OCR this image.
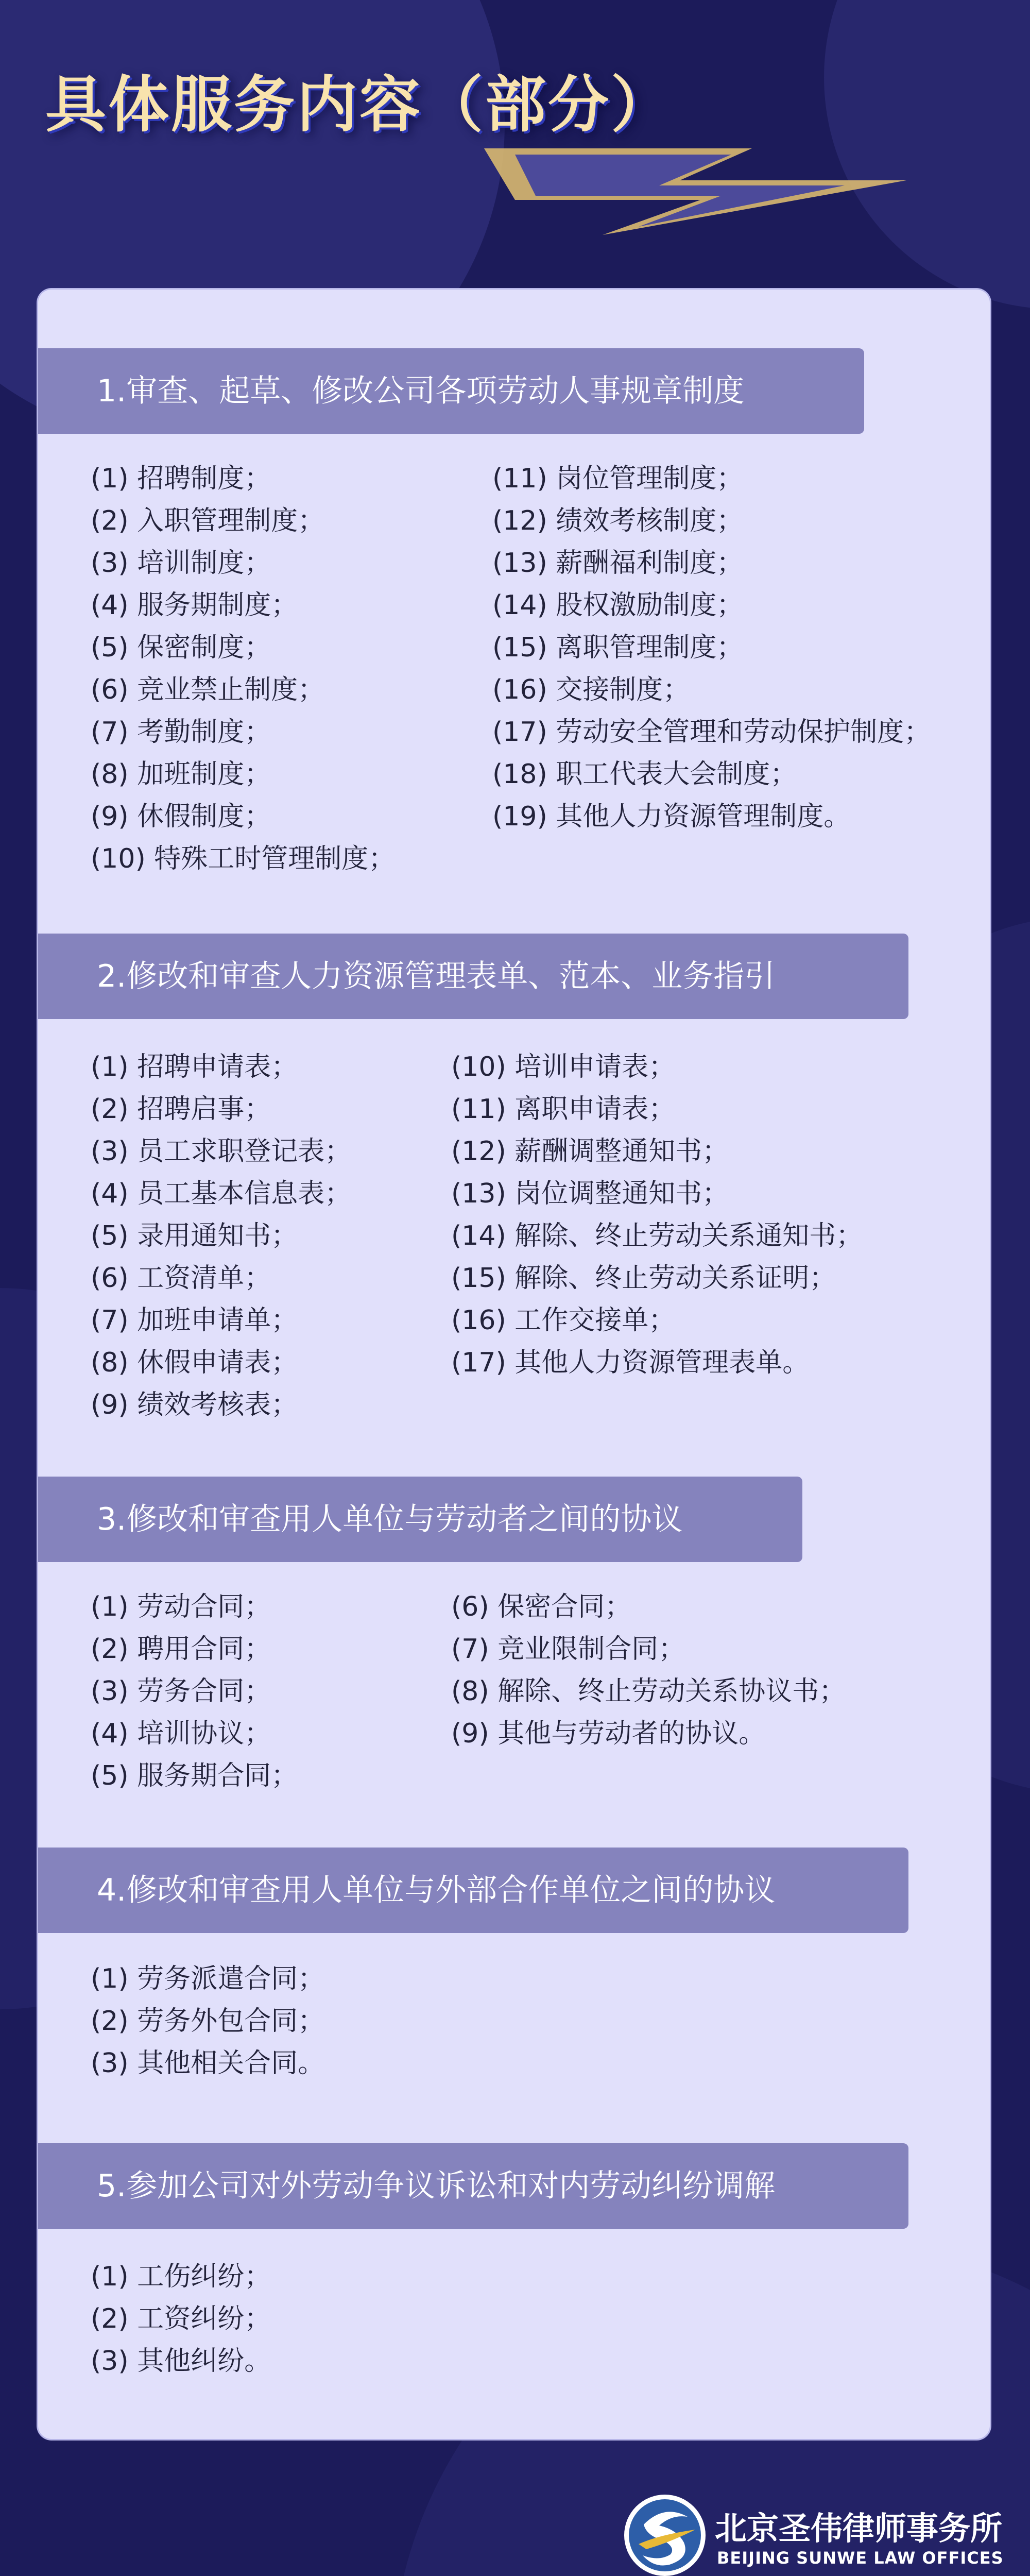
具体服务内容（部分）
1.审查、起草、修改公司各项劳动人事规章制度
(1) 招聘制度；
(2) 入职管理制度；
(3) 培训制度；
(4) 服务期制度；
(5) 保密制度；
(6) 竞业禁止制度；
(7) 考勤制度；
(8) 加班制度；
(9) 休假制度；
(10) 特殊工时管理制度；
(11) 岗位管理制度；
(12) 绩效考核制度；
(13) 薪酬福利制度；
(14) 股权激励制度；
(15) 离职管理制度；
(16) 交接制度；
(17) 劳动安全管理和劳动保护制度；
(18) 职工代表大会制度；
(19) 其他人力资源管理制度。
2.修改和审查人力资源管理表单、范本、业务指引
(1) 招聘申请表；
(2) 招聘启事；
(3) 员工求职登记表；
(4) 员工基本信息表；
(5) 录用通知书；
(6) 工资清单；
(7) 加班申请单；
(8) 休假申请表；
(9) 绩效考核表；
(10) 培训申请表；
(11) 离职申请表；
(12) 薪酬调整通知书；
(13) 岗位调整通知书；
(14) 解除、终止劳动关系通知书；
(15) 解除、终止劳动关系证明；
(16) 工作交接单；
(17) 其他人力资源管理表单。
3.修改和审查用人单位与劳动者之间的协议
(1) 劳动合同；
(2) 聘用合同；
(3) 劳务合同；
(4) 培训协议；
(5) 服务期合同；
(6) 保密合同；
(7) 竞业限制合同；
(8) 解除、终止劳动关系协议书；
(9) 其他与劳动者的协议。
4.修改和审查用人单位与外部合作单位之间的协议
(1) 劳务派遣合同；
(2) 劳务外包合同；
(3) 其他相关合同。
5.参加公司对外劳动争议诉讼和对内劳动纠纷调解
(1) 工伤纠纷；
(2) 工资纠纷；
(3) 其他纠纷。
北京圣伟律师事务所
BEIJING SUNWE LAW OFFICES
